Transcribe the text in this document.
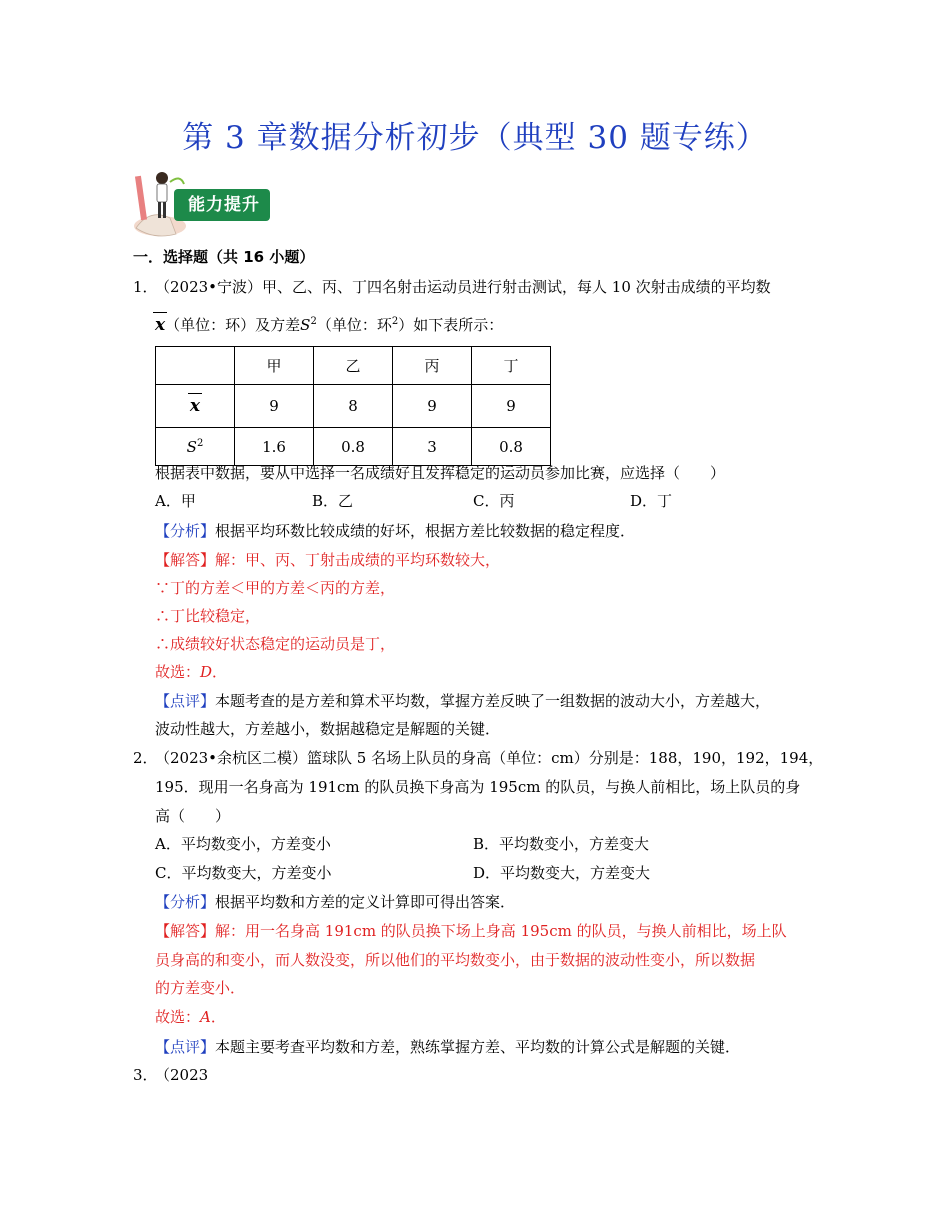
第 3 章数据分析初步（典型 30 题专练）
能力提升
一．选择题（共 16 小题）
1．
（2023•宁波）甲、乙、丙、丁四名射击运动员进行射击测试，每人 10 次射击成绩的平均数
x（单位：环）及方差$S^2$（单位：环$^2$）如下表所示：
	甲	乙	丙	丁
x	9	8	9	9
$S^2$	1.6	0.8	3	0.8
根据表中数据，要从中选择一名成绩好且发挥稳定的运动员参加比赛，应选择（　　）
A．甲	B．乙	C．丙	D．丁
【分析】根据平均环数比较成绩的好坏，根据方差比较数据的稳定程度．
【解答】解：甲、丙、丁射击成绩的平均环数较大，
∵丁的方差＜甲的方差＜丙的方差，
∴丁比较稳定，
∴成绩较好状态稳定的运动员是丁，
故选：D．
【点评】本题考查的是方差和算术平均数，掌握方差反映了一组数据的波动大小，方差越大，
波动性越大，方差越小，数据越稳定是解题的关键．
2．
（2023•余杭区二模）篮球队 5 名场上队员的身高（单位：cm）分别是：188，190，192，194，
195．现用一名身高为 191cm 的队员换下身高为 195cm 的队员，与换人前相比，场上队员的身
高（　　）
A．平均数变小，方差变小	B．平均数变小，方差变大
C．平均数变大，方差变小	D．平均数变大，方差变大
【分析】根据平均数和方差的定义计算即可得出答案．
【解答】解：用一名身高 191cm 的队员换下场上身高 195cm 的队员，与换人前相比，场上队
员身高的和变小，而人数没变，所以他们的平均数变小，由于数据的波动性变小，所以数据
的方差变小．
故选：A．
【点评】本题主要考查平均数和方差，熟练掌握方差、平均数的计算公式是解题的关键．
3．
（2023
